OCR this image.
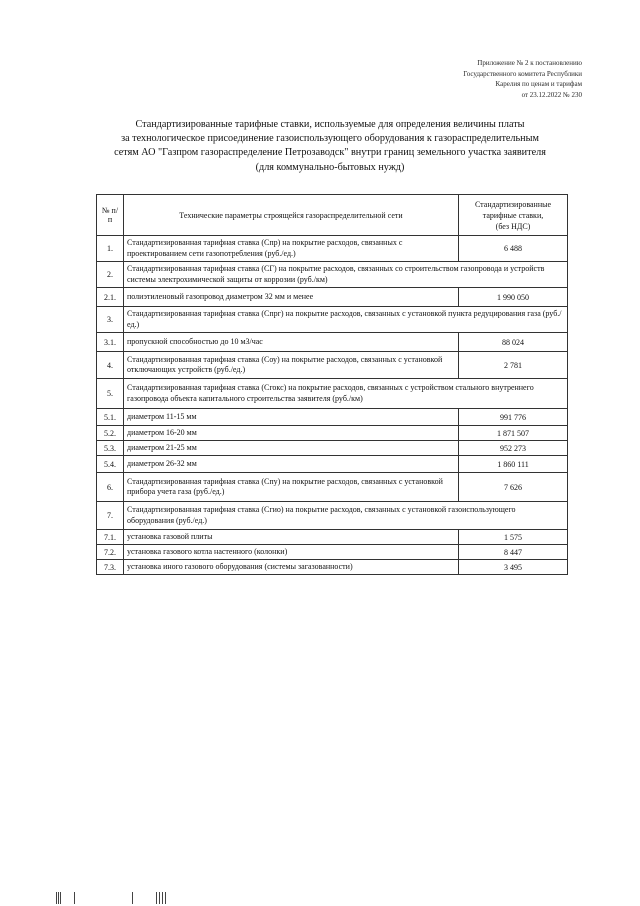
Приложение № 2 к постановлению
Государственного комитета Республики
Карелия по ценам и тарифам
от 23.12.2022 № 230
Стандартизированные тарифные ставки, используемые для определения величины платы
за технологическое присоединение газоиспользующего оборудования к газораспределительным
сетям АО "Газпром газораспределение Петрозаводск" внутри границ земельного участка заявителя
(для коммунально-бытовых нужд)
№ п/п	Технические параметры строящейся газораспределительной сети	Стандартизированные
тарифные ставки,
(без НДС)

1.	Стандартизированная тарифная ставка (Спр) на покрытие расходов, связанных с проектированием сети газопотребления (руб./ед.)	6 488
2.	Стандартизированная тарифная ставка (СГ) на покрытие расходов, связанных со строительством газопровода и устройств системы электрохимической защиты от коррозии (руб./км)	
2.1.	полиэтиленовый газопровод диаметром 32 мм и менее	1 990 050
3.	Стандартизированная тарифная ставка (Спрг) на покрытие расходов, связанных с установкой пункта редуцирования газа (руб./ед.)	
3.1.	пропускной способностью до 10 м3/час	88 024
4.	Стандартизированная тарифная ставка (Соу) на покрытие расходов, связанных с установкой отключающих устройств (руб./ед.)	2 781
5.	Стандартизированная тарифная ставка (Сгокс) на покрытие расходов, связанных с устройством стального внутреннего газопровода объекта капитального строительства заявителя (руб./км)	
5.1.	диаметром 11-15 мм	991 776
5.2.	диаметром 16-20 мм	1 871 507
5.3.	диаметром 21-25 мм	952 273
5.4.	диаметром 26-32 мм	1 860 111
6.	Стандартизированная тарифная ставка (Спу) на покрытие расходов, связанных с установкой прибора учета газа (руб./ед.)	7 626
7.	Стандартизированная тарифная ставка (Сгио) на покрытие расходов, связанных с установкой газоиспользующего оборудования (руб./ед.)	
7.1.	установка газовой плиты	1 575
7.2.	установка газового котла настенного (колонки)	8 447
7.3.	установка иного газового оборудования (системы загазованности)	3 495
